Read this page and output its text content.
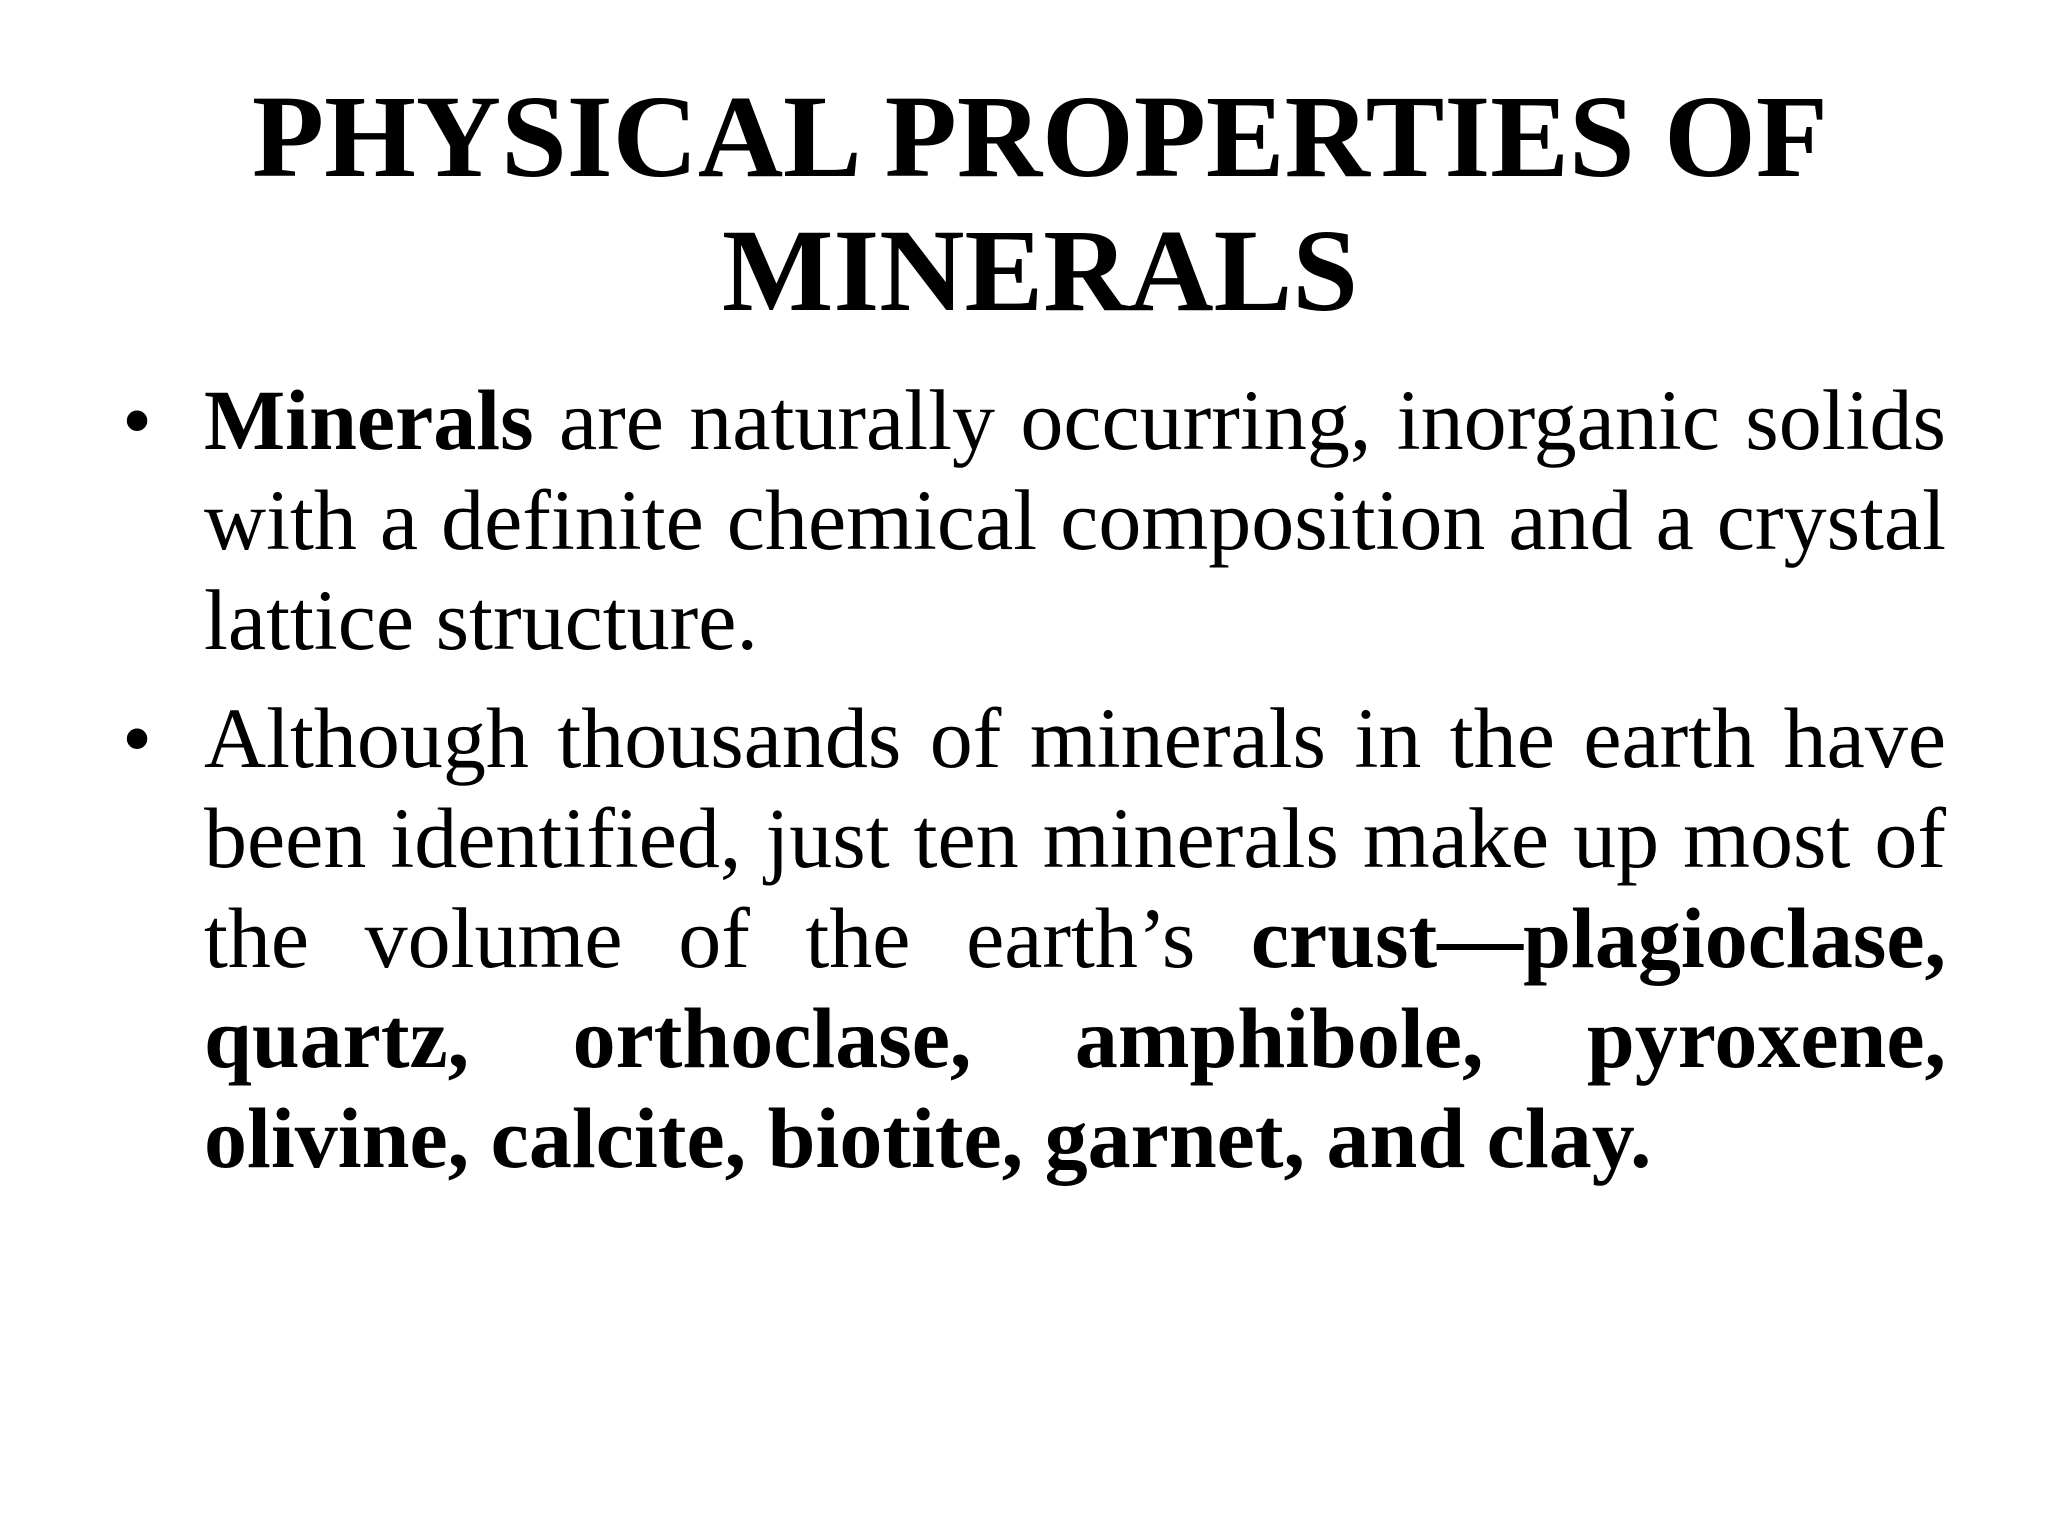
PHYSICAL PROPERTIES OF
MINERALS
• Minerals are naturally occurring, inorganic solids with a definite chemical composition and a crystal lattice structure.
• Although thousands of minerals in the earth have been identified, just ten minerals make up most of the volume of the earth’s crust—plagioclase, quartz, orthoclase, amphibole, pyroxene, olivine, calcite, biotite, garnet, and clay.
